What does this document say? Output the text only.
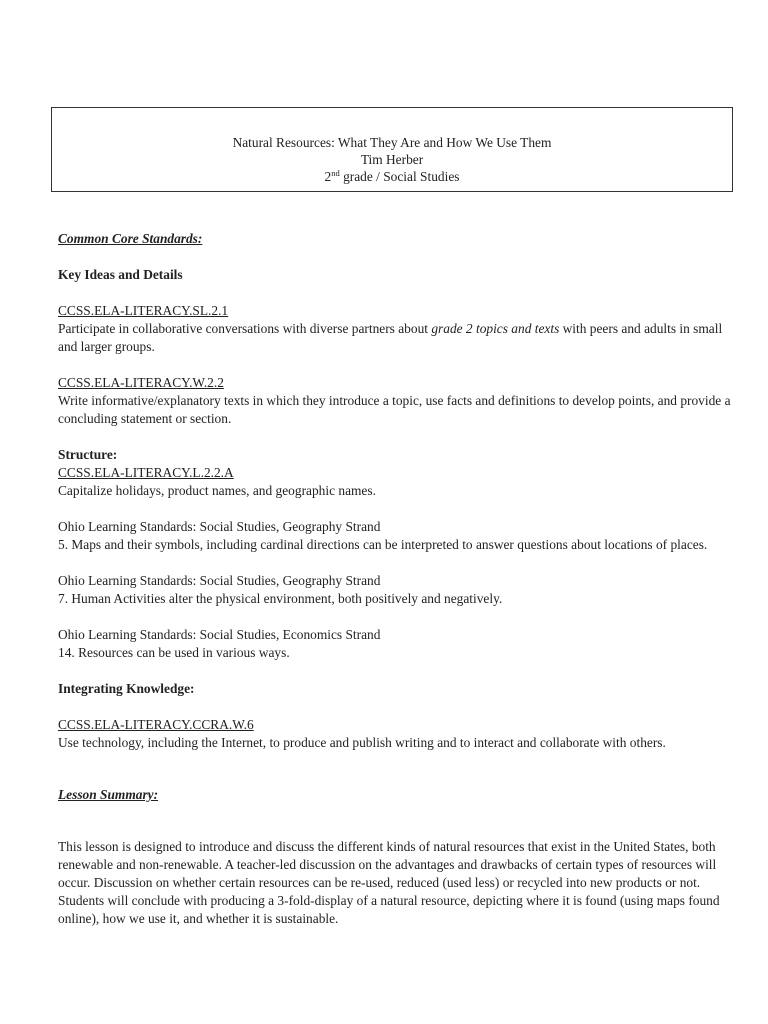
Natural Resources: What They Are and How We Use Them
Tim Herber
2nd grade / Social Studies

Common Core Standards:

Key Ideas and Details

CCSS.ELA-LITERACY.SL.2.1

Participate in collaborative conversations with diverse partners about grade 2 topics and texts with peers and adults in small and larger groups.

CCSS.ELA-LITERACY.W.2.2

Write informative/explanatory texts in which they introduce a topic, use facts and definitions to develop points, and provide a concluding statement or section.

Structure:

CCSS.ELA-LITERACY.L.2.2.A

Capitalize holidays, product names, and geographic names.

Ohio Learning Standards: Social Studies, Geography Strand

5. Maps and their symbols, including cardinal directions can be interpreted to answer questions about locations of places.

Ohio Learning Standards: Social Studies, Geography Strand

7. Human Activities alter the physical environment, both positively and negatively.

Ohio Learning Standards: Social Studies, Economics Strand

14. Resources can be used in various ways.

Integrating Knowledge:

CCSS.ELA-LITERACY.CCRA.W.6

Use technology, including the Internet, to produce and publish writing and to interact and collaborate with others.

Lesson Summary:

This lesson is designed to introduce and discuss the different kinds of natural resources that exist in the United States, both renewable and non-renewable. A teacher-led discussion on the advantages and drawbacks of certain types of resources will occur. Discussion on whether certain resources can be re-used, reduced (used less) or recycled into new products or not.   Students will conclude with producing a 3-fold-display of a natural resource, depicting where it is found (using maps found online), how we use it, and whether it is sustainable.
